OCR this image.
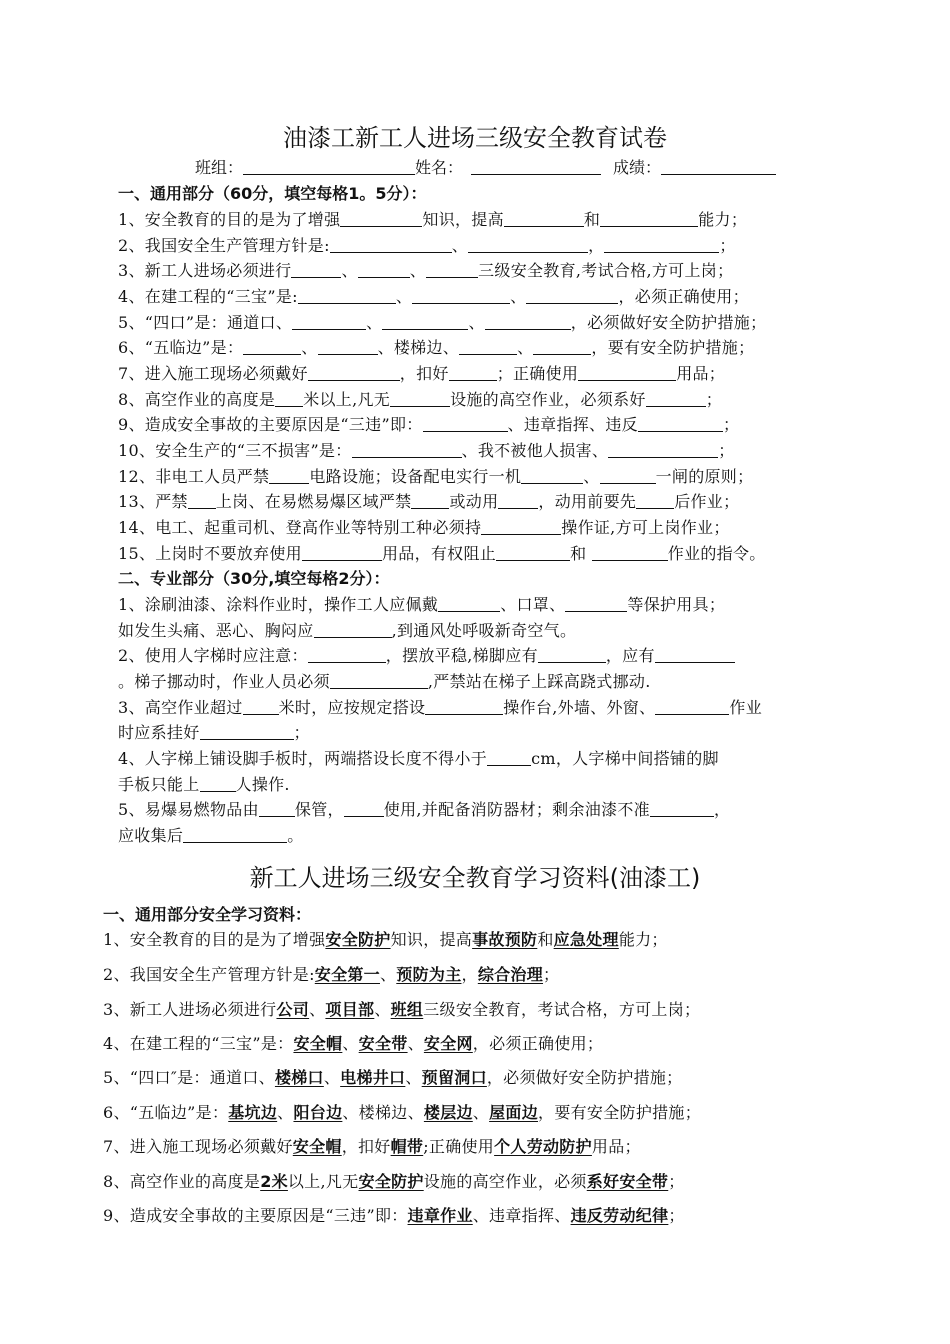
油漆工新工人进场三级安全教育试卷
班组：	姓名：	成绩：
一、通用部分（60分，填空每格1。5分）：
1、安全教育的目的是为了增强	知识，提高	和	能力；
2、我国安全生产管理方针是:	、	，	；
3、新工人进场必须进行	、	、	三级安全教育,考试合格,方可上岗；
4、在建工程的“三宝”是:	、	、	，必须正确使用；
5、“四口”是：通道口、	、	、	，必须做好安全防护措施；
6、“五临边”是：	、	、楼梯边、	、	，要有安全防护措施；
7、进入施工现场必须戴好	，扣好	；正确使用	用品；
8、高空作业的高度是 米以上,凡无	设施的高空作业，必须系好	；
9、造成安全事故的主要原因是“三违”即：	、违章指挥、违反	；
10、安全生产的“三不损害”是：	、我不被他人损害、	；
12、非电工人员严禁	电路设施；设备配电实行一机	、	一闸的原则；
13、严禁 上岗、在易燃易爆区域严禁 或动用	，动用前要先 后作业；
14、电工、起重司机、登高作业等特别工种必须持	操作证,方可上岗作业；
15、上岗时不要放弃使用	用品，有权阻止	和	作业的指令。
二、专业部分（30分,填空每格2分）：
1、涂刷油漆、涂料作业时，操作工人应佩戴	、口罩、	等保护用具；
如发生头痛、恶心、胸闷应	,到通风处呼吸新奇空气。
2、使用人字梯时应注意：	，摆放平稳,梯脚应有	，应有
。梯子挪动时，作业人员必须	,严禁站在梯子上踩高跷式挪动.
3、高空作业超过 米时，应按规定搭设	操作台,外墙、外窗、	作业
时应系挂好	；
4、人字梯上铺设脚手板时，两端搭设长度不得小于	cm，人字梯中间搭铺的脚
手板只能上 人操作.
5、易爆易燃物品由 保管，	使用,并配备消防器材；剩余油漆不准	，
应收集后	。
新工人进场三级安全教育学习资料(油漆工)
一、通用部分安全学习资料：
1、安全教育的目的是为了增强安全防护知识，提高事故预防和应急处理能力；
2、我国安全生产管理方针是:安全第一、预防为主，综合治理；
3、新工人进场必须进行公司、项目部、班组三级安全教育，考试合格，方可上岗；
4、在建工程的“三宝”是：安全帽、安全带、安全网，必须正确使用；
5、“四口″是：通道口、楼梯口、电梯井口、预留洞口，必须做好安全防护措施；
6、“五临边”是：基坑边、阳台边、楼梯边、楼层边、屋面边，要有安全防护措施；
7、进入施工现场必须戴好安全帽，扣好帽带;正确使用个人劳动防护用品；
8、高空作业的高度是2米以上,凡无安全防护设施的高空作业，必须系好安全带；
9、造成安全事故的主要原因是“三违”即：违章作业、违章指挥、违反劳动纪律；
